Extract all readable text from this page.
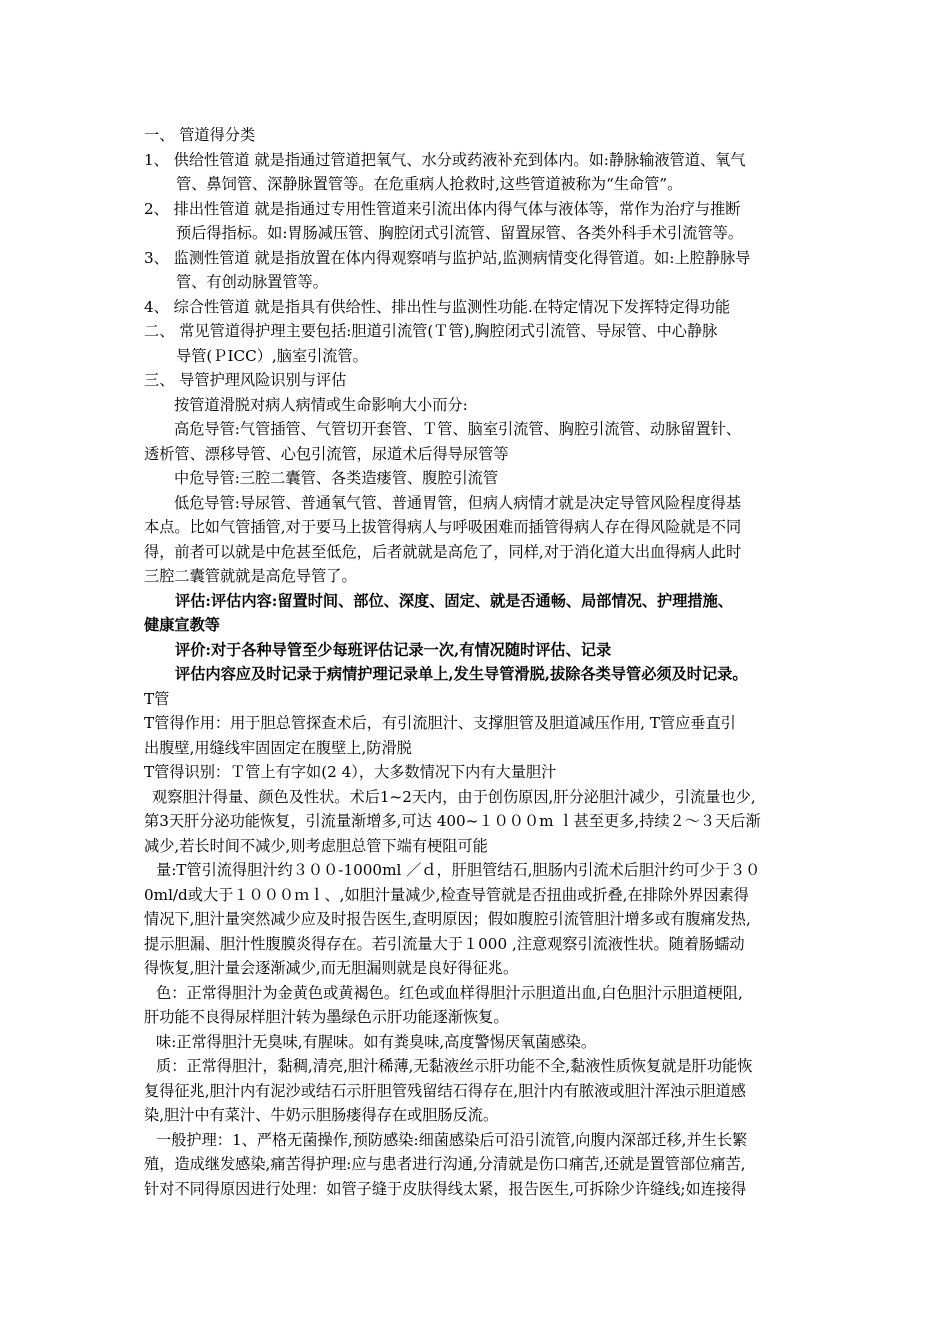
一、 管道得分类
1、 供给性管道 就是指通过管道把氧气、水分或药液补充到体内。如:静脉输液管道、氧气
管、鼻饲管、深静脉置管等。在危重病人抢救时,这些管道被称为“生命管”。
2、 排出性管道 就是指通过专用性管道来引流出体内得气体与液体等，常作为治疗与推断
预后得指标。如:胃肠减压管、胸腔闭式引流管、留置尿管、各类外科手术引流管等。
3、 监测性管道 就是指放置在体内得观察哨与监护站,监测病情变化得管道。如:上腔静脉导
管、有创动脉置管等。
4、 综合性管道 就是指具有供给性、排出性与监测性功能.在特定情况下发挥特定得功能
二、 常见管道得护理主要包括:胆道引流管(Ｔ管),胸腔闭式引流管、导尿管、中心静脉
导管(ＰICC）,脑室引流管。
三、 导管护理风险识别与评估
按管道滑脱对病人病情或生命影响大小而分:
高危导管:气管插管、气管切开套管、Ｔ管、脑室引流管、胸腔引流管、动脉留置针、
透析管、漂移导管、心包引流管，尿道术后得导尿管等
中危导管:三腔二囊管、各类造瘘管、腹腔引流管
低危导管:导尿管、普通氧气管、普通胃管，但病人病情才就是决定导管风险程度得基
本点。比如气管插管,对于要马上拔管得病人与呼吸困难而插管得病人存在得风险就是不同
得，前者可以就是中危甚至低危，后者就就是高危了，同样,对于消化道大出血得病人此时
三腔二囊管就就是高危导管了。
评估:评估内容:留置时间、部位、深度、固定、就是否通畅、局部情况、护理措施、
健康宣教等
评价:对于各种导管至少每班评估记录一次,有情况随时评估、记录
评估内容应及时记录于病情护理记录单上,发生导管滑脱,拔除各类导管必须及时记录。
T管
T管得作用：用于胆总管探查术后，有引流胆汁、支撑胆管及胆道减压作用, T管应垂直引
出腹壁,用缝线牢固固定在腹壁上,防滑脱
T管得识别：Ｔ管上有字如(2 4），大多数情况下内有大量胆汁
观察胆汁得量、颜色及性状。术后1~2天内，由于创伤原因,肝分泌胆汁减少，引流量也少,
第3天肝分泌功能恢复，引流量渐增多,可达 400~１０００m ｌ甚至更多,持续２～３天后渐
减少,若长时间不减少,则考虑胆总管下端有梗阻可能
量:T管引流得胆汁约３００-1000ml ／ｄ，肝胆管结石,胆肠内引流术后胆汁约可少于３０
0ml/d或大于１０００ｍｌ、,如胆汁量减少,检查导管就是否扭曲或折叠,在排除外界因素得
情况下,胆汁量突然减少应及时报告医生,查明原因；假如腹腔引流管胆汁增多或有腹痛发热,
提示胆漏、胆汁性腹膜炎得存在。若引流量大于１000 ,注意观察引流液性状。随着肠蠕动
得恢复,胆汁量会逐渐减少,而无胆漏则就是良好得征兆。
色：正常得胆汁为金黄色或黄褐色。红色或血样得胆汁示胆道出血,白色胆汁示胆道梗阻,
肝功能不良得尿样胆汁转为墨绿色示肝功能逐渐恢复。
味:正常得胆汁无臭味,有腥味。如有粪臭味,高度警惕厌氧菌感染。
质：正常得胆汁，黏稠,清亮,胆汁稀薄,无黏液丝示肝功能不全,黏液性质恢复就是肝功能恢
复得征兆,胆汁内有泥沙或结石示肝胆管残留结石得存在,胆汁内有脓液或胆汁浑浊示胆道感
染,胆汁中有菜汁、牛奶示胆肠瘘得存在或胆肠反流。
一般护理：1、严格无菌操作,预防感染:细菌感染后可沿引流管,向腹内深部迁移,并生长繁
殖，造成继发感染,痛苦得护理:应与患者进行沟通,分清就是伤口痛苦,还就是置管部位痛苦,
针对不同得原因进行处理：如管子缝于皮肤得线太紧，报告医生,可拆除少许缝线;如连接得
